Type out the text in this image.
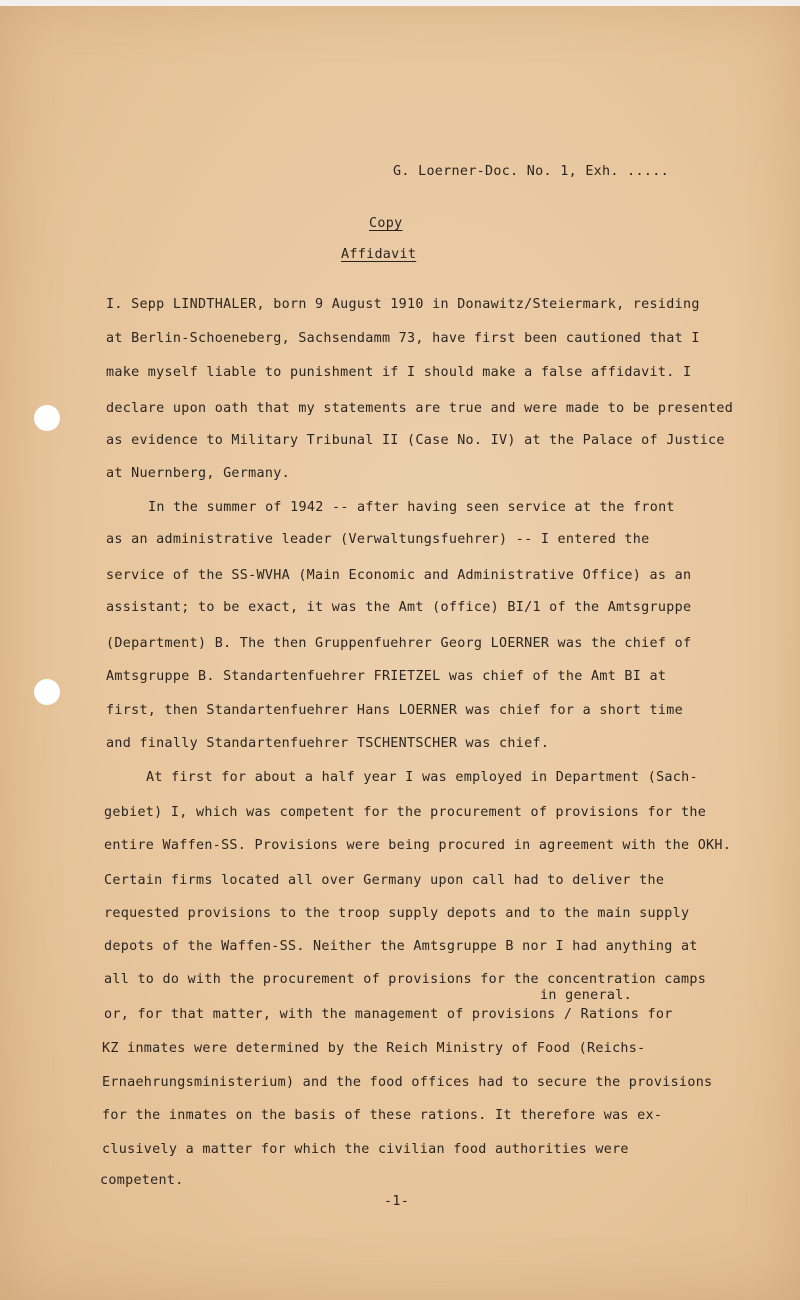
G. Loerner-Doc. No. 1, Exh. .....
Copy
Affidavit
I. Sepp LINDTHALER, born 9 August 1910 in Donawitz/Steiermark, residing
at Berlin-Schoeneberg, Sachsendamm 73, have first been cautioned that I
make myself liable to punishment if I should make a false affidavit. I
declare upon oath that my statements are true and were made to be presented
as evidence to Military Tribunal II (Case No. IV) at the Palace of Justice
at Nuernberg, Germany.
In the summer of 1942 -- after having seen service at the front
as an administrative leader (Verwaltungsfuehrer) -- I entered the
service of the SS-WVHA (Main Economic and Administrative Office) as an
assistant; to be exact, it was the Amt (office) BI/1 of the Amtsgruppe
(Department) B. The then Gruppenfuehrer Georg LOERNER was the chief of
Amtsgruppe B. Standartenfuehrer FRIETZEL was chief of the Amt BI at
first, then Standartenfuehrer Hans LOERNER was chief for a short time
and finally Standartenfuehrer TSCHENTSCHER was chief.
At first for about a half year I was employed in Department (Sach-
gebiet) I, which was competent for the procurement of provisions for the
entire Waffen-SS. Provisions were being procured in agreement with the OKH.
Certain firms located all over Germany upon call had to deliver the
requested provisions to the troop supply depots and to the main supply
depots of the Waffen-SS. Neither the Amtsgruppe B nor I had anything at
all to do with the procurement of provisions for the concentration camps
in general.
or, for that matter, with the management of provisions / Rations for
KZ inmates were determined by the Reich Ministry of Food (Reichs-
Ernaehrungsministerium) and the food offices had to secure the provisions
for the inmates on the basis of these rations. It therefore was ex-
clusively a matter for which the civilian food authorities were
competent.
-1-
